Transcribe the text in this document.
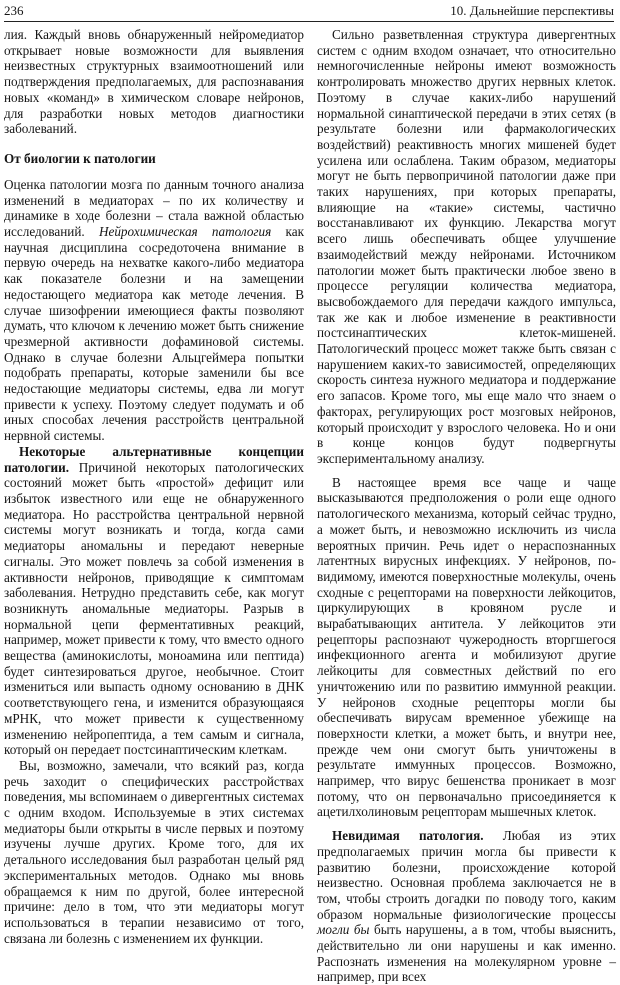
236	10. Дальнейшие перспективы

лия. Каждый вновь обнаруженный нейромедиатор открывает новые возможности для выявления неизвестных структурных взаимоотношений или подтверждения предполагаемых, для распознавания новых «команд» в химическом словаре нейронов, для разработки новых методов диагностики заболеваний.

От биологии к патологии

Оценка патологии мозга по данным точного анализа изменений в медиаторах – по их количеству и динамике в ходе болезни – стала важной областью исследований. Нейрохимическая патология как научная дисциплина сосредоточена внимание в первую очередь на нехватке какого-либо медиатора как показателе болезни и на замещении недостающего медиатора как методе лечения. В случае шизофрении имеющиеся факты позволяют думать, что ключом к лечению может быть снижение чрезмерной активности дофаминовой системы. Однако в случае болезни Альцгеймера попытки подобрать препараты, которые заменили бы все недостающие медиаторы системы, едва ли могут привести к успеху. Поэтому следует подумать и об иных способах лечения расстройств центральной нервной системы.

Некоторые альтернативные концепции патологии. Причиной некоторых патологических состояний может быть «простой» дефицит или избыток известного или еще не обнаруженного медиатора. Но расстройства центральной нервной системы могут возникать и тогда, когда сами медиаторы аномальны и передают неверные сигналы. Это может повлечь за собой изменения в активности нейронов, приводящие к симптомам заболевания. Нетрудно представить себе, как могут возникнуть аномальные медиаторы. Разрыв в нормальной цепи ферментативных реакций, например, может привести к тому, что вместо одного вещества (аминокислоты, моноамина или пептида) будет синтезироваться другое, необычное. Стоит измениться или выпасть одному основанию в ДНК соответствующего гена, и изменится образующаяся мРНК, что может привести к существенному изменению нейропептида, а тем самым и сигнала, который он передает постсинаптическим клеткам.

Вы, возможно, замечали, что всякий раз, когда речь заходит о специфических расстройствах поведения, мы вспоминаем о дивергентных системах с одним входом. Используемые в этих системах медиаторы были открыты в числе первых и поэтому изучены лучше других. Кроме того, для их детального исследования был разработан целый ряд экспериментальных методов. Однако мы вновь обращаемся к ним по другой, более интересной причине: дело в том, что эти медиаторы могут использоваться в терапии независимо от того, связана ли болезнь с изменением их функции.

Сильно разветвленная структура дивергентных систем с одним входом означает, что относительно немногочисленные нейроны имеют возможность контролировать множество других нервных клеток. Поэтому в случае каких-либо нарушений нормальной синаптической передачи в этих сетях (в результате болезни или фармакологических воздействий) реактивность многих мишеней будет усилена или ослаблена. Таким образом, медиаторы могут не быть первопричиной патологии даже при таких нарушениях, при которых препараты, влияющие на «такие» системы, частично восстанавливают их функцию. Лекарства могут всего лишь обеспечивать общее улучшение взаимодействий между нейронами. Источником патологии может быть практически любое звено в процессе регуляции количества медиатора, высвобождаемого для передачи каждого импульса, так же как и любое изменение в реактивности постсинаптических клеток-мишеней. Патологический процесс может также быть связан с нарушением каких-то зависимостей, определяющих скорость синтеза нужного медиатора и поддержание его запасов. Кроме того, мы еще мало что знаем о факторах, регулирующих рост мозговых нейронов, который происходит у взрослого человека. Но и они в конце концов будут подвергнуты экспериментальному анализу.

В настоящее время все чаще и чаще высказываются предположения о роли еще одного патологического механизма, который сейчас трудно, а может быть, и невозможно исключить из числа вероятных причин. Речь идет о нераспознанных латентных вирусных инфекциях. У нейронов, по-видимому, имеются поверхностные молекулы, очень сходные с рецепторами на поверхности лейкоцитов, циркулирующих в кровяном русле и вырабатывающих антитела. У лейкоцитов эти рецепторы распознают чужеродность вторгшегося инфекционного агента и мобилизуют другие лейкоциты для совместных действий по его уничтожению или по развитию иммунной реакции. У нейронов сходные рецепторы могли бы обеспечивать вирусам временное убежище на поверхности клетки, а может быть, и внутри нее, прежде чем они смогут быть уничтожены в результате иммунных процессов. Возможно, например, что вирус бешенства проникает в мозг потому, что он первоначально присоединяется к ацетилхолиновым рецепторам мышечных клеток.

Невидимая патология. Любая из этих предполагаемых причин могла бы привести к развитию болезни, происхождение которой неизвестно. Основная проблема заключается не в том, чтобы строить догадки по поводу того, каким образом нормальные физиологические процессы могли бы быть нарушены, а в том, чтобы выяснить, действительно ли они нарушены и как именно. Распознать изменения на молекулярном уровне – например, при всех
